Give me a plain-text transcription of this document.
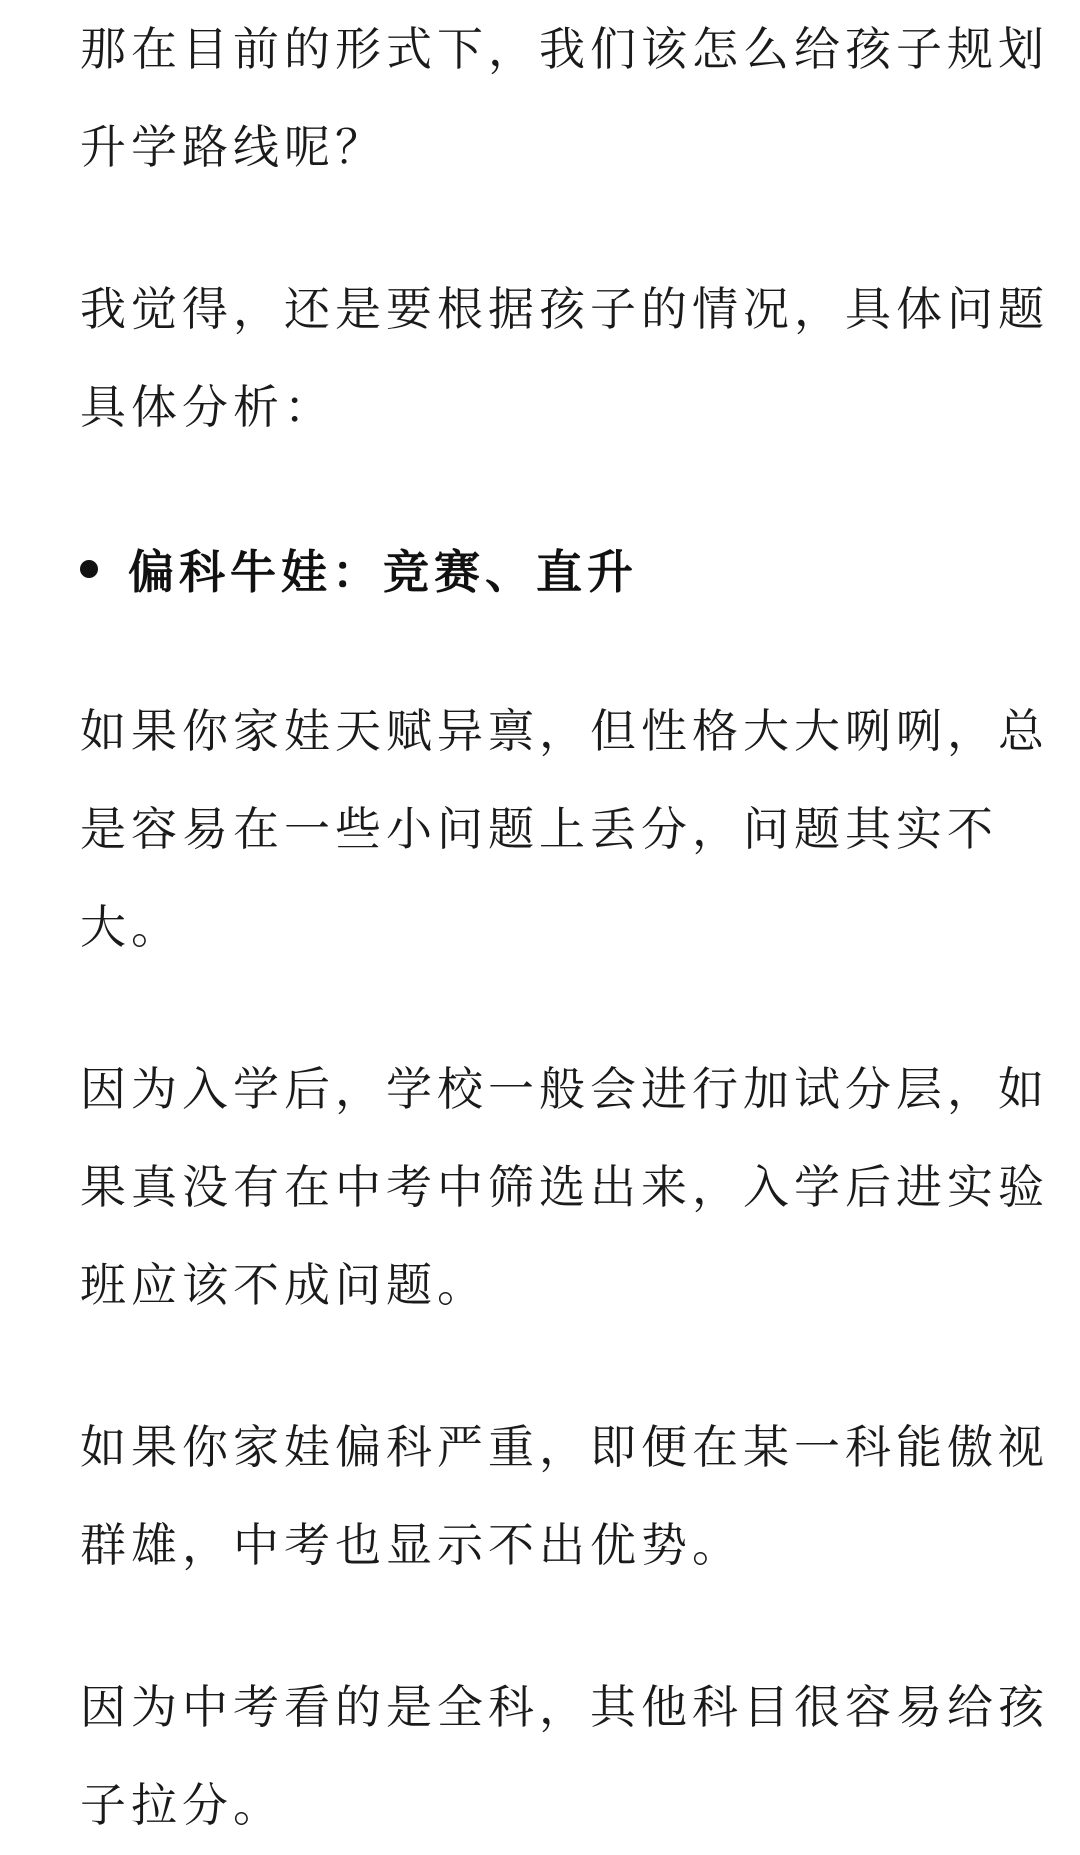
那在目前的形式下，我们该怎么给孩子规划
升学路线呢？

我觉得，还是要根据孩子的情况，具体问题
具体分析：

偏科牛娃：竞赛、直升

如果你家娃天赋异禀，但性格大大咧咧，总
是容易在一些小问题上丢分，问题其实不
大。

因为入学后，学校一般会进行加试分层，如
果真没有在中考中筛选出来，入学后进实验
班应该不成问题。

如果你家娃偏科严重，即便在某一科能傲视
群雄，中考也显示不出优势。

因为中考看的是全科，其他科目很容易给孩
子拉分。
